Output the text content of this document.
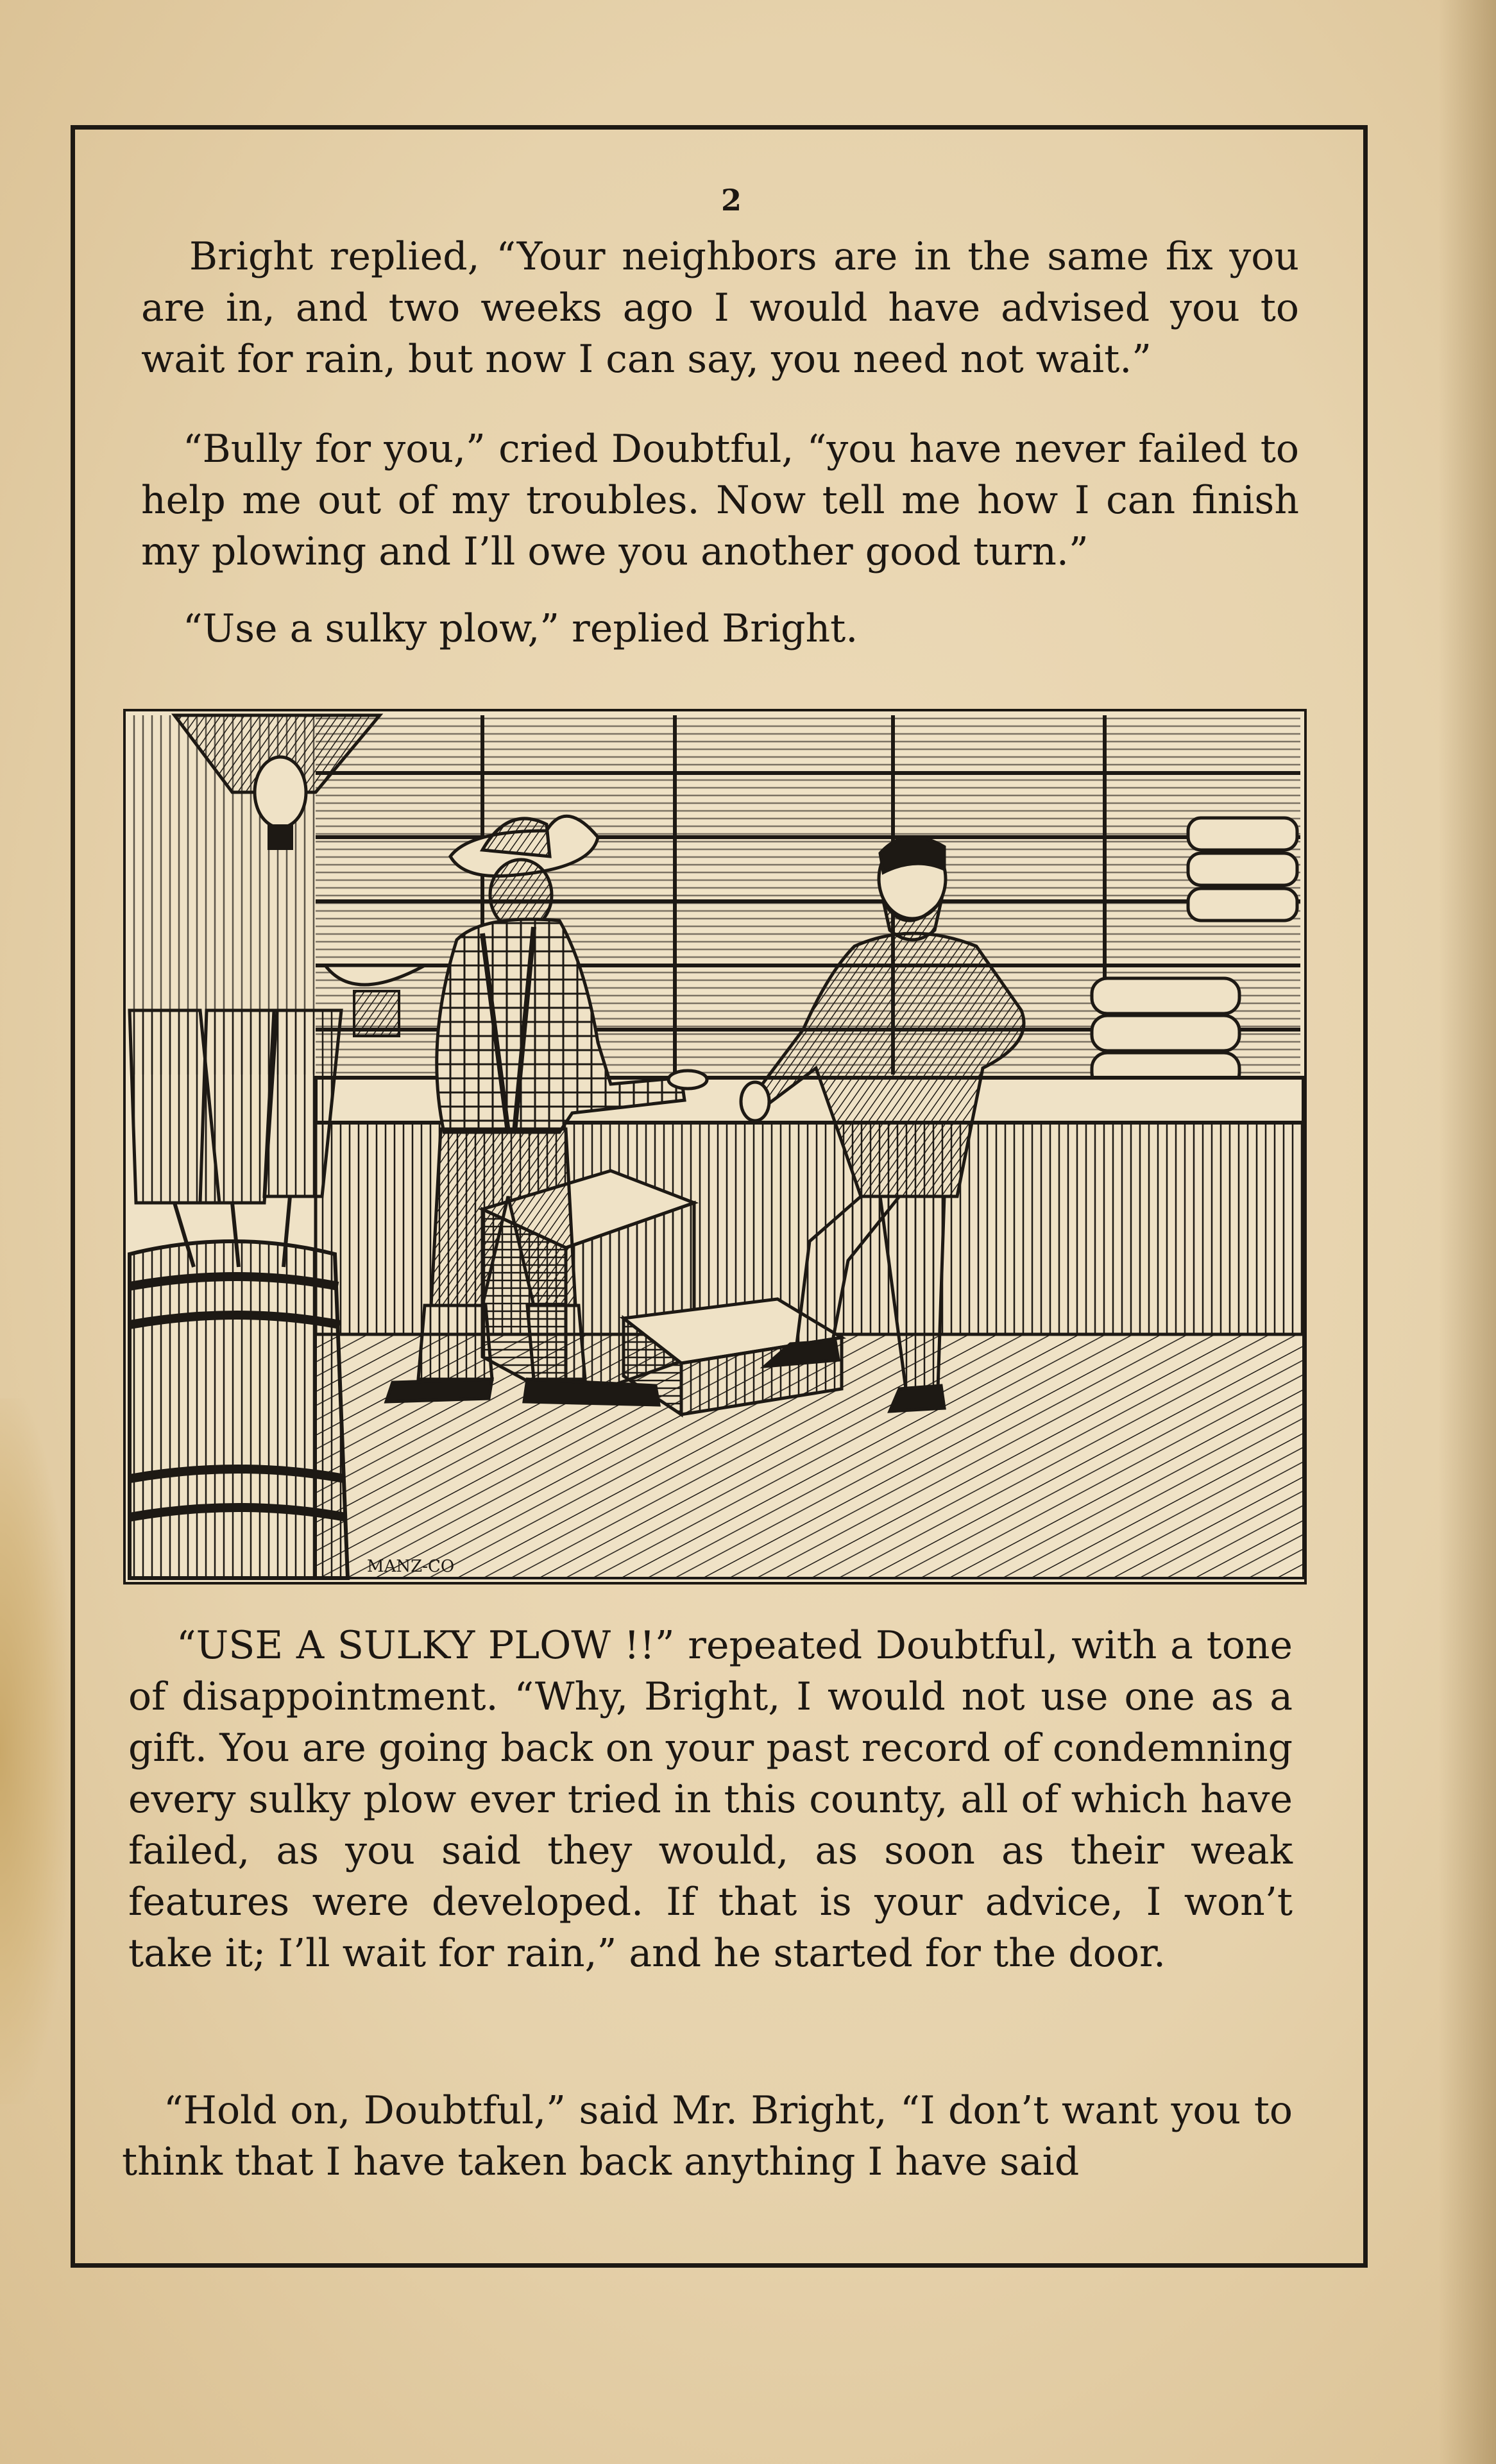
2

Bright replied, “Your neighbors are in the same fix you are in, and two weeks ago I would have advised you to wait for rain, but now I can say, you need not wait.”

“Bully for you,” cried Doubtful, “you have never failed to help me out of my troubles. Now tell me how I can finish my plowing and I’ll owe you another good turn.”

“Use a sulky plow,” replied Bright.

MANZ-CO

“USE A SULKY PLOW !!” repeated Doubtful, with a tone of disappointment. “Why, Bright, I would not use one as a gift. You are going back on your past record of condemning every sulky plow ever tried in this county, all of which have failed, as you said they would, as soon as their weak features were developed. If that is your advice, I won’t take it; I’ll wait for rain,” and he started for the door.

“Hold on, Doubtful,” said Mr. Bright, “I don’t want you to think that I have taken back anything I have said
